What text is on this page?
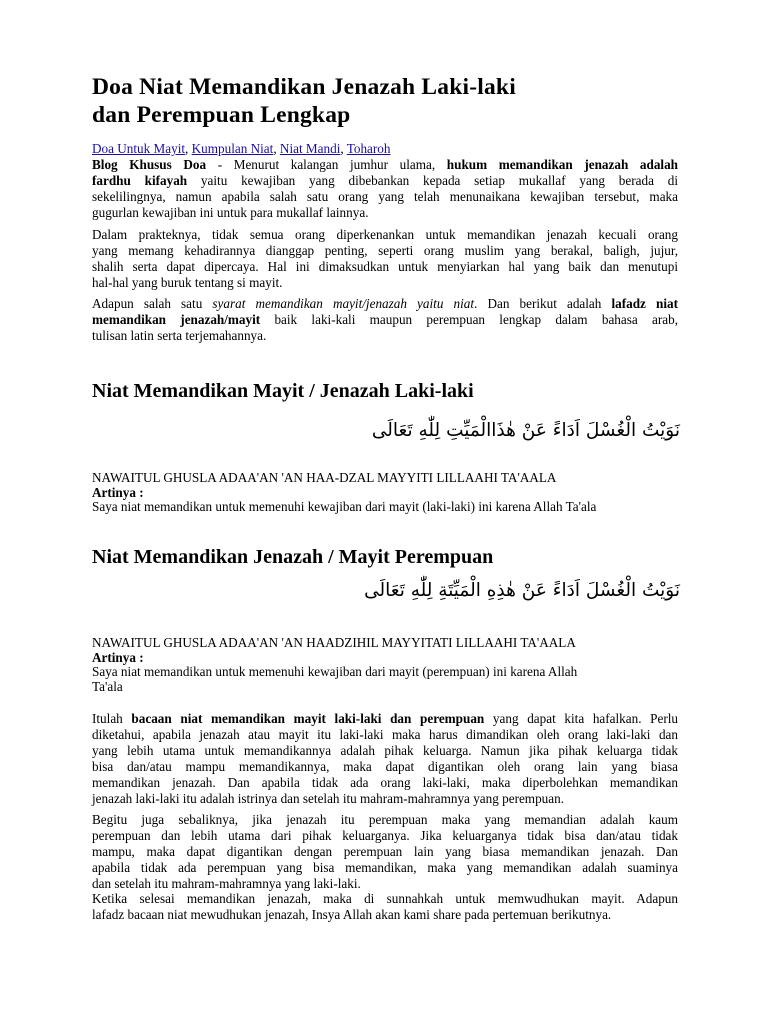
Doa Niat Memandikan Jenazah Laki-laki
dan Perempuan Lengkap
Doa Untuk Mayit, Kumpulan Niat, Niat Mandi, Toharoh
Blog Khusus Doa - Menurut kalangan jumhur ulama, hukum memandikan jenazah adalah
fardhu kifayah yaitu kewajiban yang dibebankan kepada setiap mukallaf yang berada di
sekelilingnya, namun apabila salah satu orang yang telah menunaikana kewajiban tersebut, maka
gugurlan kewajiban ini untuk para mukallaf lainnya.
Dalam prakteknya, tidak semua orang diperkenankan untuk memandikan jenazah kecuali orang
yang memang kehadirannya dianggap penting, seperti orang muslim yang berakal, baligh, jujur,
shalih serta dapat dipercaya. Hal ini dimaksudkan untuk menyiarkan hal yang baik dan menutupi
hal-hal yang buruk tentang si mayit.
Adapun salah satu syarat memandikan mayit/jenazah yaitu niat. Dan berikut adalah lafadz niat
memandikan jenazah/mayit baik laki-kali maupun perempuan lengkap dalam bahasa arab,
tulisan latin serta terjemahannya.
Niat Memandikan Mayit / Jenazah Laki-laki
نَوَيْتُ الْغُسْلَ اَدَاءً عَنْ هٰذَاالْمَيِّتِ لِلّٰهِ تَعَالَى
NAWAITUL GHUSLA ADAA'AN 'AN HAA-DZAL MAYYITI LILLAAHI TA'AALA
Artinya :
Saya niat memandikan untuk memenuhi kewajiban dari mayit (laki-laki) ini karena Allah Ta'ala
Niat Memandikan Jenazah / Mayit Perempuan
نَوَيْتُ الْغُسْلَ اَدَاءً عَنْ هٰذِهِ الْمَيِّتَةِ لِلّٰهِ تَعَالَى
NAWAITUL GHUSLA ADAA'AN 'AN HAADZIHIL MAYYITATI LILLAAHI TA'AALA
Artinya :
Saya niat memandikan untuk memenuhi kewajiban dari mayit (perempuan) ini karena Allah
Ta'ala
Itulah bacaan niat memandikan mayit laki-laki dan perempuan yang dapat kita hafalkan. Perlu
diketahui, apabila jenazah atau mayit itu laki-laki maka harus dimandikan oleh orang laki-laki dan
yang lebih utama untuk memandikannya adalah pihak keluarga. Namun jika pihak keluarga tidak
bisa dan/atau mampu memandikannya, maka dapat digantikan oleh orang lain yang biasa
memandikan jenazah. Dan apabila tidak ada orang laki-laki, maka diperbolehkan memandikan
jenazah laki-laki itu adalah istrinya dan setelah itu mahram-mahramnya yang perempuan.
Begitu juga sebaliknya, jika jenazah itu perempuan maka yang memandian adalah kaum
perempuan dan lebih utama dari pihak keluarganya. Jika keluarganya tidak bisa dan/atau tidak
mampu, maka dapat digantikan dengan perempuan lain yang biasa memandikan jenazah. Dan
apabila tidak ada perempuan yang bisa memandikan, maka yang memandikan adalah suaminya
dan setelah itu mahram-mahramnya yang laki-laki.
Ketika selesai memandikan jenazah, maka di sunnahkah untuk memwudhukan mayit. Adapun
lafadz bacaan niat mewudhukan jenazah, Insya Allah akan kami share pada pertemuan berikutnya.
